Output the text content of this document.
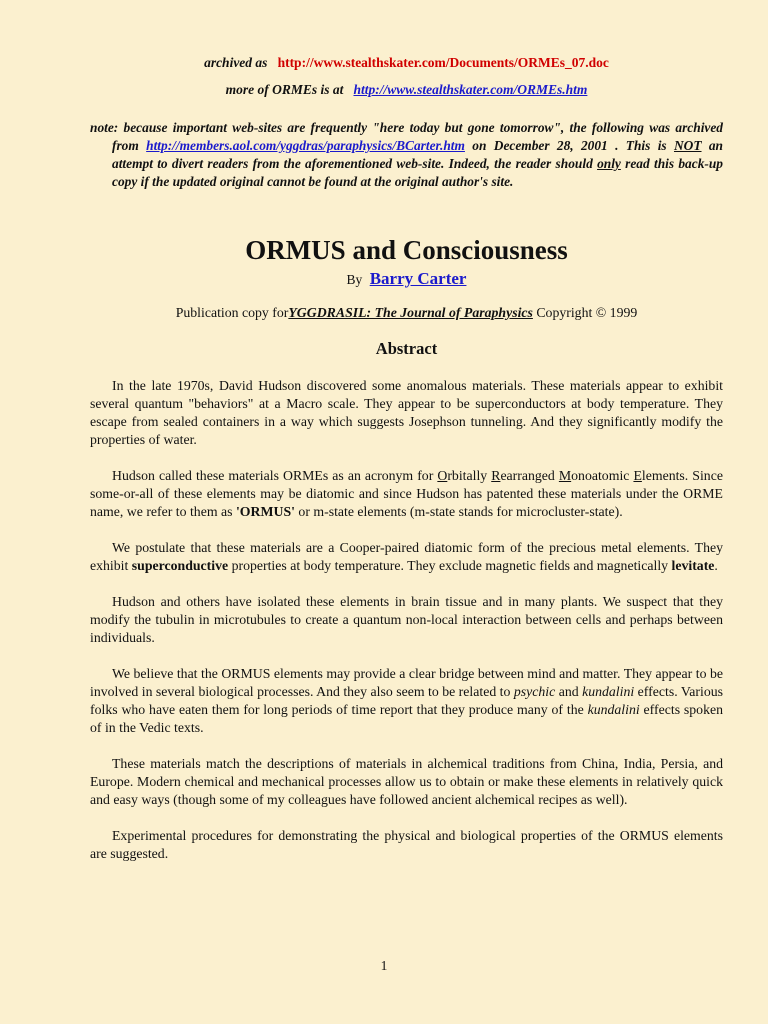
archived as http://www.stealthskater.com/Documents/ORMEs_07.doc

more of ORMEs is at http://www.stealthskater.com/ORMEs.htm

note: because important web-sites are frequently "here today but gone tomorrow", the following was archived from http://members.aol.com/yggdras/paraphysics/BCarter.htm on December 28, 2001 . This is NOT an attempt to divert readers from the aforementioned web-site. Indeed, the reader should only read this back-up copy if the updated original cannot be found at the original author's site.

ORMUS and Consciousness
By Barry Carter
Publication copy forYGGDRASIL: The Journal of Paraphysics Copyright © 1999
Abstract

In the late 1970s, David Hudson discovered some anomalous materials. These materials appear to exhibit several quantum "behaviors" at a Macro scale. They appear to be superconductors at body temperature. They escape from sealed containers in a way which suggests Josephson tunneling. And they significantly modify the properties of water.

Hudson called these materials ORMEs as an acronym for Orbitally Rearranged Monoatomic Elements. Since some-or-all of these elements may be diatomic and since Hudson has patented these materials under the ORME name, we refer to them as 'ORMUS' or m-state elements (m-state stands for microcluster-state).

We postulate that these materials are a Cooper-paired diatomic form of the precious metal elements. They exhibit superconductive properties at body temperature. They exclude magnetic fields and magnetically levitate.

Hudson and others have isolated these elements in brain tissue and in many plants. We suspect that they modify the tubulin in microtubules to create a quantum non-local interaction between cells and perhaps between individuals.

We believe that the ORMUS elements may provide a clear bridge between mind and matter. They appear to be involved in several biological processes. And they also seem to be related to psychic and kundalini effects. Various folks who have eaten them for long periods of time report that they produce many of the kundalini effects spoken of in the Vedic texts.

These materials match the descriptions of materials in alchemical traditions from China, India, Persia, and Europe. Modern chemical and mechanical processes allow us to obtain or make these elements in relatively quick and easy ways (though some of my colleagues have followed ancient alchemical recipes as well).

Experimental procedures for demonstrating the physical and biological properties of the ORMUS elements are suggested.

1
